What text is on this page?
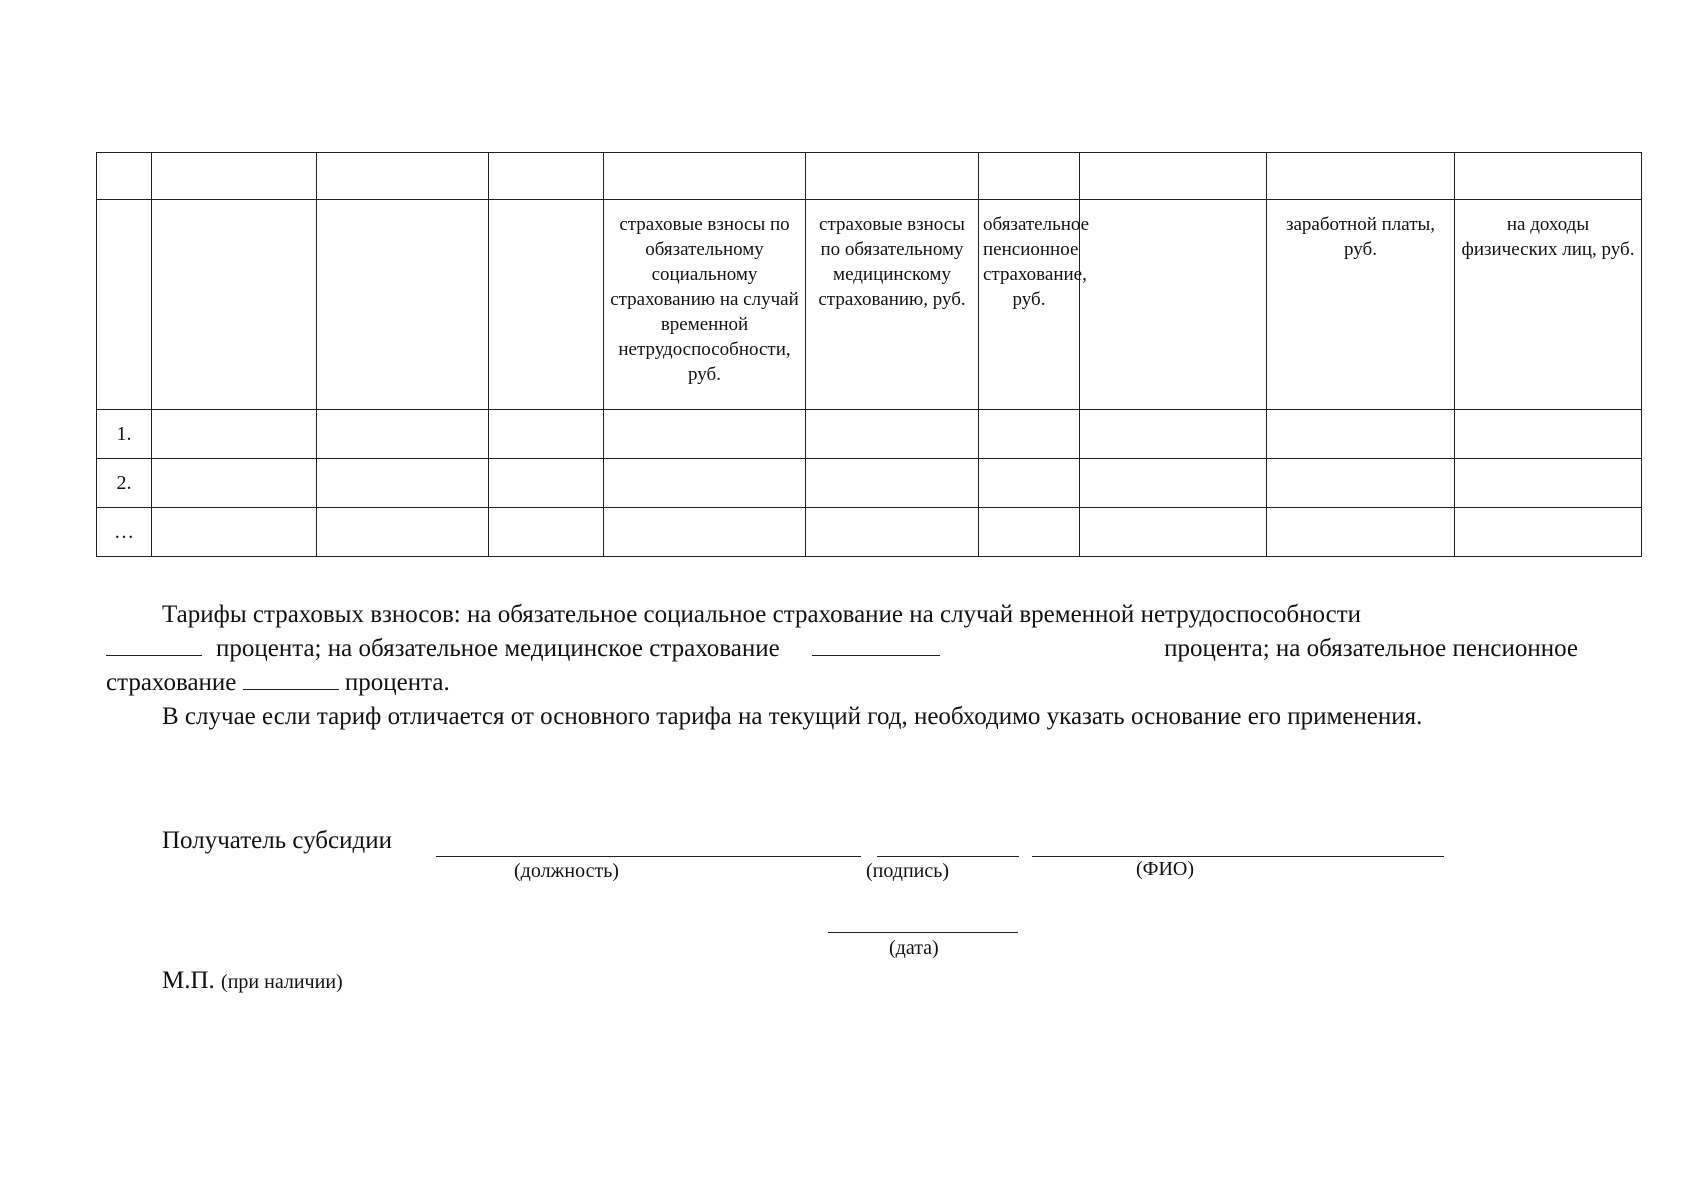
				страховые взносы по обязательному социальному страхованию на случай временной нетрудоспособности, руб.	страховые взносы по обязательному медицинскому страхованию, руб.	обязательное пенсионное страхование, руб.		заработной платы, руб.	на доходы физических лиц, руб.

1.									
2.									
…									
Тарифы страховых взносов: на обязательное социальное страхование на случай временной нетрудоспособности
процента; на обязательное медицинское страхование	процента; на обязательное пенсионное
страхование	процента.
В случае если тариф отличается от основного тарифа на текущий год, необходимо указать основание его применения.
Получатель субсидии
(должность)	(подпись)	(ФИО)
(дата)
М.П. (при наличии)
